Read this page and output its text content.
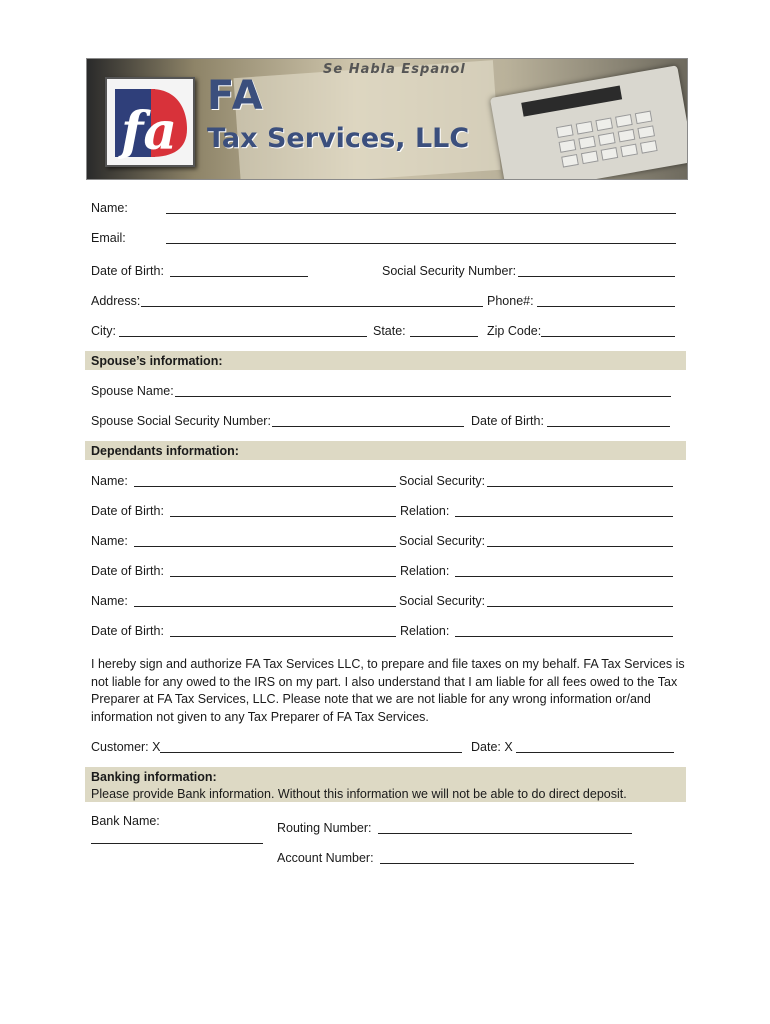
fa
Se Habla Espanol
FA
Tax Services, LLC
Name:
Email:
Date of Birth:	Social Security Number:
Address:	Phone#:
City:	State:	Zip Code:
Spouse’s information:
Spouse Name:
Spouse Social Security Number:	Date of Birth:
Dependants information:
Name:	Social Security:
Date of Birth:	Relation:
Name:	Social Security:
Date of Birth:	Relation:
Name:	Social Security:
Date of Birth:	Relation:
I hereby sign and authorize FA Tax Services LLC, to prepare and file taxes on my behalf. FA Tax Services is not liable for any owed to the IRS on my part. I also understand that I am liable for all fees owed to the Tax Preparer at FA Tax Services, LLC. Please note that we are not liable for any wrong information or/and information not given to any Tax Preparer of FA Tax Services.
Customer: X	Date: X
Banking information:
Please provide Bank information. Without this information we will not be able to do direct deposit.
Bank Name:	Routing Number:
Account Number:
